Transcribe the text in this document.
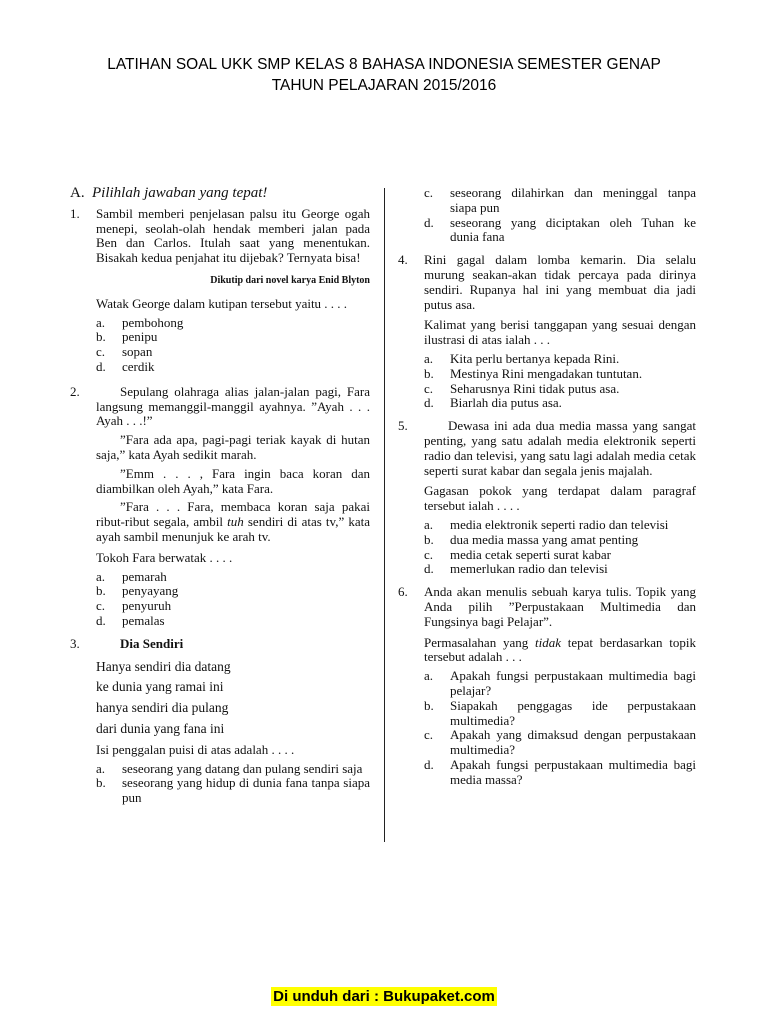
LATIHAN SOAL UKK SMP KELAS 8 BAHASA INDONESIA SEMESTER GENAP
TAHUN PELAJARAN 2015/2016
A. Pilihlah jawaban yang tepat!
1.	Sambil memberi penjelasan palsu itu George ogah menepi, seolah-olah hendak memberi jalan pada Ben dan Carlos. Itulah saat yang menentukan. Bisakah kedua penjahat itu dijebak? Ternyata bisa!
Dikutip dari novel karya Enid Blyton
Watak George dalam kutipan tersebut yaitu . . . .
a.	pembohong
b.	penipu
c.	sopan
d.	cerdik
2.	Sepulang olahraga alias jalan-jalan pagi, Fara langsung memanggil-manggil ayahnya. ”Ayah . . . Ayah . . .!”
”Fara ada apa, pagi-pagi teriak kayak di hutan saja,” kata Ayah sedikit marah.
”Emm . . . , Fara ingin baca koran dan diambilkan oleh Ayah,” kata Fara.
”Fara . . . Fara, membaca koran saja pakai ribut-ribut segala, ambil tuh sendiri di atas tv,” kata ayah sambil menunjuk ke arah tv.
Tokoh Fara berwatak . . . .
a.	pemarah
b.	penyayang
c.	penyuruh
d.	pemalas
3.	Dia Sendiri
Hanya sendiri dia datang
ke dunia yang ramai ini
hanya sendiri dia pulang
dari dunia yang fana ini
Isi penggalan puisi di atas adalah . . . .
a.	seseorang yang datang dan pulang sendiri saja
b.	seseorang yang hidup di dunia fana tanpa siapa pun
c.	seseorang dilahirkan dan meninggal tanpa siapa pun
d.	seseorang yang diciptakan oleh Tuhan ke dunia fana
4.	Rini gagal dalam lomba kemarin. Dia selalu murung seakan-akan tidak percaya pada dirinya sendiri. Rupanya hal ini yang membuat dia jadi putus asa.
Kalimat yang berisi tanggapan yang sesuai dengan ilustrasi di atas ialah . . .
a.	Kita perlu bertanya kepada Rini.
b.	Mestinya Rini mengadakan tuntutan.
c.	Seharusnya Rini tidak putus asa.
d.	Biarlah dia putus asa.
5.	Dewasa ini ada dua media massa yang sangat penting, yang satu adalah media elektronik seperti radio dan televisi, yang satu lagi adalah media cetak seperti surat kabar dan segala jenis majalah.
Gagasan pokok yang terdapat dalam paragraf tersebut ialah . . . .
a.	media elektronik seperti radio dan televisi
b.	dua media massa yang amat penting
c.	media cetak seperti surat kabar
d.	memerlukan radio dan televisi
6.	Anda akan menulis sebuah karya tulis. Topik yang Anda pilih ”Perpustakaan Multimedia dan Fungsinya bagi Pelajar”.
Permasalahan yang tidak tepat berdasarkan topik tersebut adalah . . .
a.	Apakah fungsi perpustakaan multimedia bagi pelajar?
b.	Siapakah penggagas ide perpustakaan multimedia?
c.	Apakah yang dimaksud dengan perpustakaan multimedia?
d.	Apakah fungsi perpustakaan multimedia bagi media massa?
Di unduh dari : Bukupaket.com
